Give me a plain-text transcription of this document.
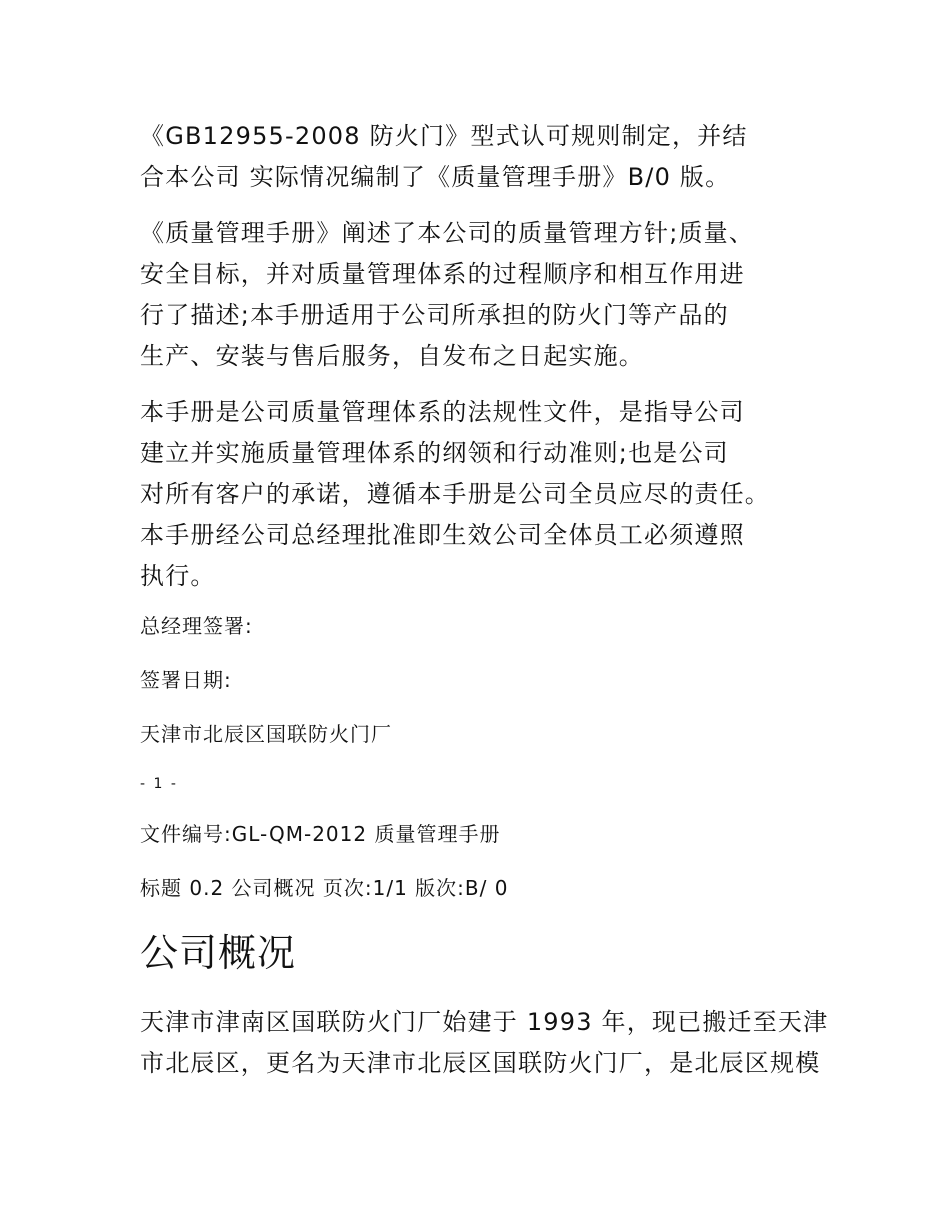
《GB12955-2008 防火门》型式认可规则制定，并结
合本公司 实际情况编制了《质量管理手册》B/0 版。

《质量管理手册》阐述了本公司的质量管理方针;质量、
安全目标，并对质量管理体系的过程顺序和相互作用进
行了描述;本手册适用于公司所承担的防火门等产品的
生产、安装与售后服务，自发布之日起实施。

本手册是公司质量管理体系的法规性文件，是指导公司
建立并实施质量管理体系的纲领和行动准则;也是公司
对所有客户的承诺，遵循本手册是公司全员应尽的责任。
本手册经公司总经理批准即生效公司全体员工必须遵照
执行。

总经理签署:
签署日期:
天津市北辰区国联防火门厂
- 1 -
文件编号:GL-QM-2012 质量管理手册
标题 0.2 公司概况 页次:1/1 版次:B/ 0
公司概况

天津市津南区国联防火门厂始建于 1993 年，现已搬迁至天津
市北辰区，更名为天津市北辰区国联防火门厂，是北辰区规模
